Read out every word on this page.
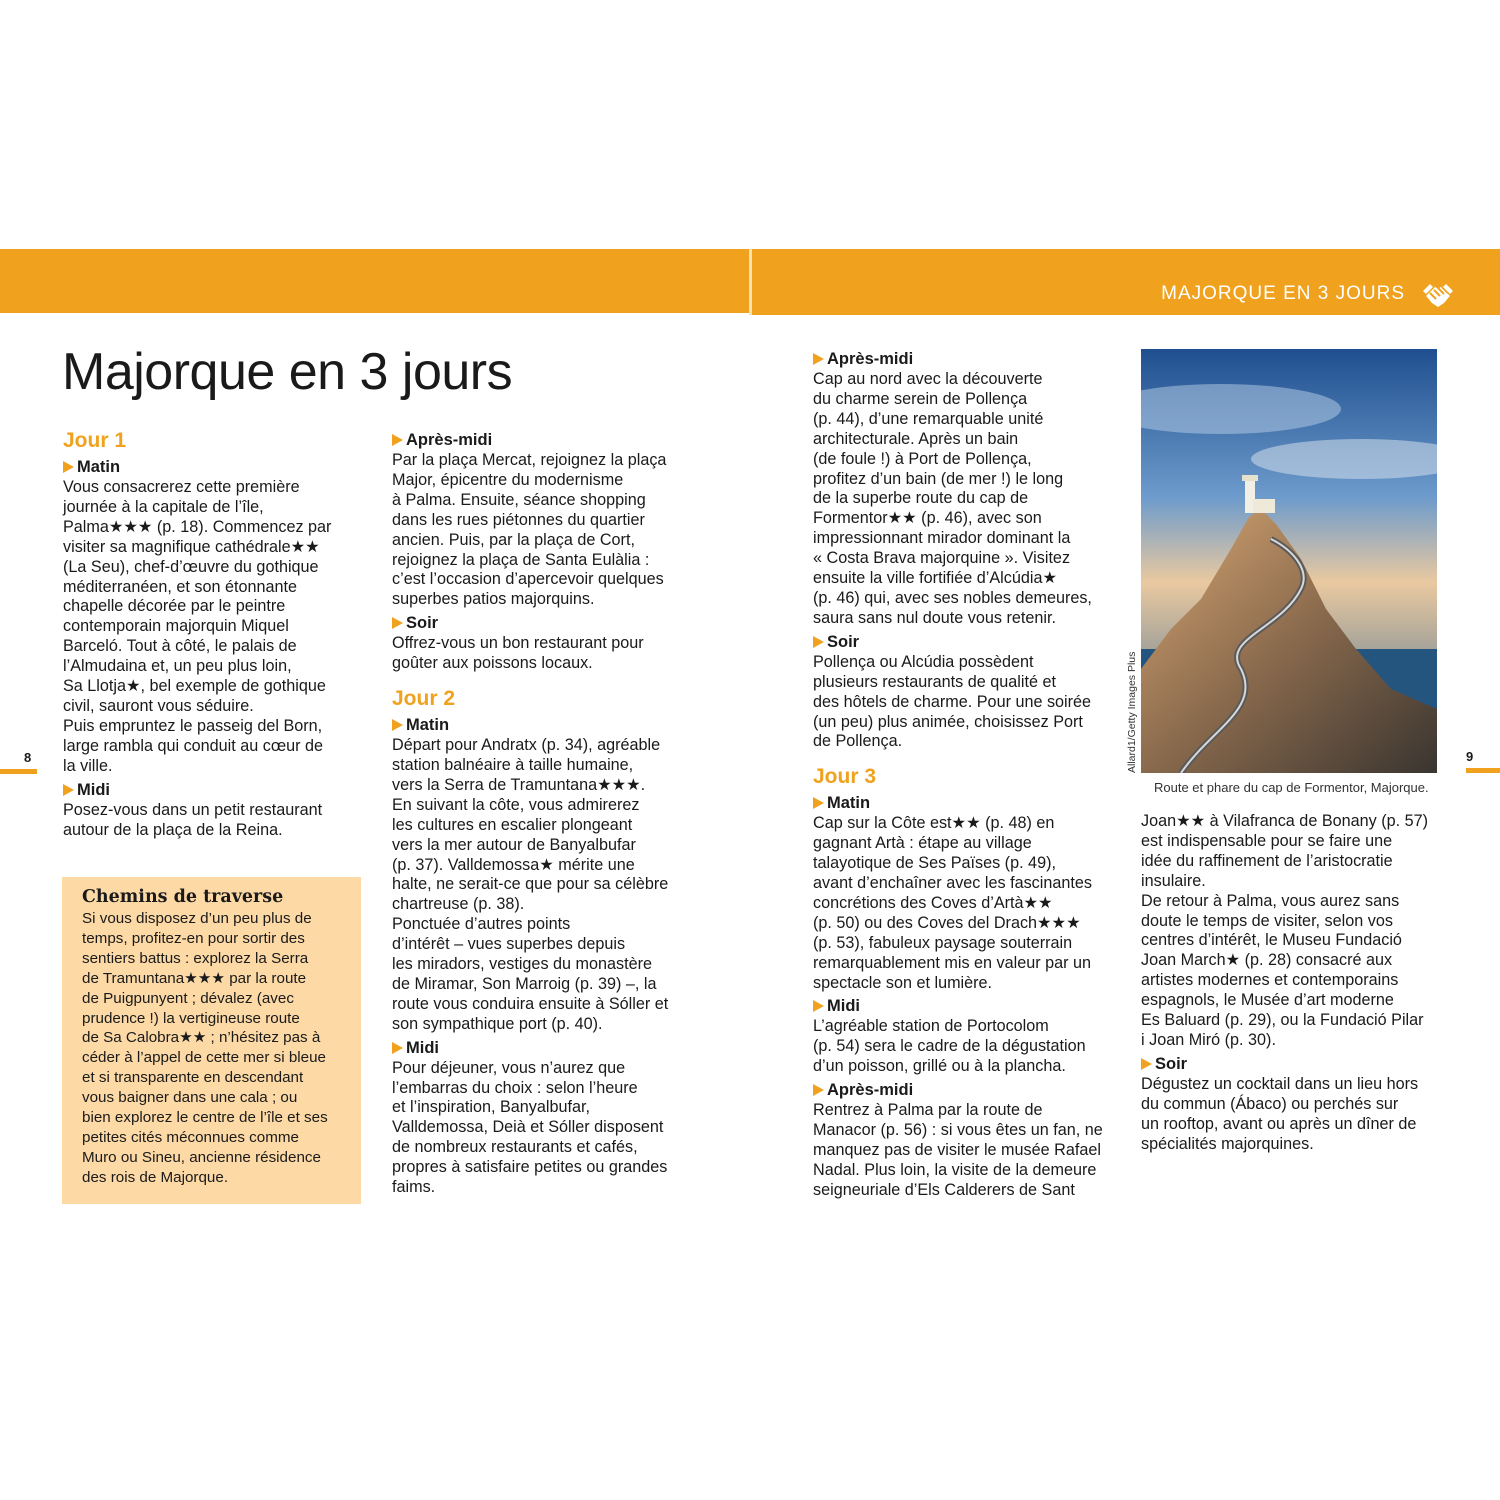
MAJORQUE EN 3 JOURS
Majorque en 3 jours
Jour 1
Matin

Vous consacrerez cette première

journée à la capitale de l’île,

Palma★★★ (p. 18). Commencez par

visiter sa magnifique cathédrale★★

(La Seu), chef-d’œuvre du gothique

méditerranéen, et son étonnante

chapelle décorée par le peintre

contemporain majorquin Miquel

Barceló. Tout à côté, le palais de

l’Almudaina et, un peu plus loin,

Sa Llotja★, bel exemple de gothique

civil, sauront vous séduire.

Puis empruntez le passeig del Born,

large rambla qui conduit au cœur de

la ville.

Midi

Posez-vous dans un petit restaurant

autour de la plaça de la Reina.

Chemins de traverse

Si vous disposez d’un peu plus de

temps, profitez-en pour sortir des

sentiers battus : explorez la Serra

de Tramuntana★★★ par la route

de Puigpunyent ; dévalez (avec

prudence !) la vertigineuse route

de Sa Calobra★★ ; n’hésitez pas à

céder à l’appel de cette mer si bleue

et si transparente en descendant

vous baigner dans une cala ; ou

bien explorez le centre de l’île et ses

petites cités méconnues comme

Muro ou Sineu, ancienne résidence

des rois de Majorque.

Après-midi

Par la plaça Mercat, rejoignez la plaça

Major, épicentre du modernisme

à Palma. Ensuite, séance shopping

dans les rues piétonnes du quartier

ancien. Puis, par la plaça de Cort,

rejoignez la plaça de Santa Eulàlia :

c’est l’occasion d’apercevoir quelques

superbes patios majorquins.

Soir

Offrez-vous un bon restaurant pour

goûter aux poissons locaux.

Jour 2
Matin

Départ pour Andratx (p. 34), agréable

station balnéaire à taille humaine,

vers la Serra de Tramuntana★★★.

En suivant la côte, vous admirerez

les cultures en escalier plongeant

vers la mer autour de Banyalbufar

(p. 37). Valldemossa★ mérite une

halte, ne serait-ce que pour sa célèbre

chartreuse (p. 38).

Ponctuée d’autres points

d’intérêt – vues superbes depuis

les miradors, vestiges du monastère

de Miramar, Son Marroig (p. 39) –, la

route vous conduira ensuite à Sóller et

son sympathique port (p. 40).

Midi

Pour déjeuner, vous n’aurez que

l’embarras du choix : selon l’heure

et l’inspiration, Banyalbufar,

Valldemossa, Deià et Sóller disposent

de nombreux restaurants et cafés,

propres à satisfaire petites ou grandes

faims.

Après-midi

Cap au nord avec la découverte

du charme serein de Pollença

(p. 44), d’une remarquable unité

architecturale. Après un bain

(de foule !) à Port de Pollença,

profitez d’un bain (de mer !) le long

de la superbe route du cap de

Formentor★★ (p. 46), avec son

impressionnant mirador dominant la

« Costa Brava majorquine ». Visitez

ensuite la ville fortifiée d’Alcúdia★

(p. 46) qui, avec ses nobles demeures,

saura sans nul doute vous retenir.

Soir

Pollença ou Alcúdia possèdent

plusieurs restaurants de qualité et

des hôtels de charme. Pour une soirée

(un peu) plus animée, choisissez Port

de Pollença.

Jour 3
Matin

Cap sur la Côte est★★ (p. 48) en

gagnant Artà : étape au village

talayotique de Ses Païses (p. 49),

avant d’enchaîner avec les fascinantes

concrétions des Coves d’Artà★★

(p. 50) ou des Coves del Drach★★★

(p. 53), fabuleux paysage souterrain

remarquablement mis en valeur par un

spectacle son et lumière.

Midi

L’agréable station de Portocolom

(p. 54) sera le cadre de la dégustation

d’un poisson, grillé ou à la plancha.

Après-midi

Rentrez à Palma par la route de

Manacor (p. 56) : si vous êtes un fan, ne

manquez pas de visiter le musée Rafael

Nadal. Plus loin, la visite de la demeure

seigneuriale d’Els Calderers de Sant

Allard1/Getty Images Plus
Route et phare du cap de Formentor, Majorque.

Joan★★ à Vilafranca de Bonany (p. 57)

est indispensable pour se faire une

idée du raffinement de l’aristocratie

insulaire.

De retour à Palma, vous aurez sans

doute le temps de visiter, selon vos

centres d’intérêt, le Museu Fundació

Joan March★ (p. 28) consacré aux

artistes modernes et contemporains

espagnols, le Musée d’art moderne

Es Baluard (p. 29), ou la Fundació Pilar

i Joan Miró (p. 30).

Soir

Dégustez un cocktail dans un lieu hors

du commun (Ábaco) ou perchés sur

un rooftop, avant ou après un dîner de

spécialités majorquines.

8	9
